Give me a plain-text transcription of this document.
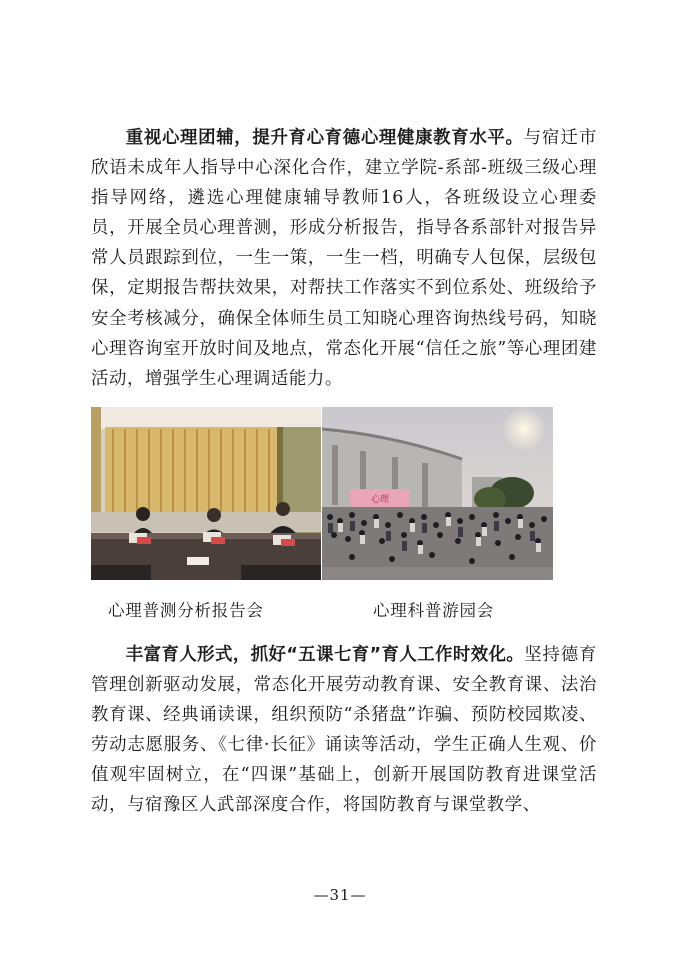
重视心理团辅，提升育心育德心理健康教育水平。与宿迁市欣语未成年人指导中心深化合作，建立学院-系部-班级三级心理指导网络，遴选心理健康辅导教师16人，各班级设立心理委员，开展全员心理普测，形成分析报告，指导各系部针对报告异常人员跟踪到位，一生一策，一生一档，明确专人包保，层级包保，定期报告帮扶效果，对帮扶工作落实不到位系处、班级给予安全考核减分，确保全体师生员工知晓心理咨询热线号码，知晓心理咨询室开放时间及地点，常态化开展“信任之旅”等心理团建活动，增强学生心理调适能力。

心理
心理普测分析报告会	心理科普游园会

丰富育人形式，抓好“五课七育”育人工作时效化。坚持德育管理创新驱动发展，常态化开展劳动教育课、安全教育课、法治教育课、经典诵读课，组织预防“杀猪盘”诈骗、预防校园欺凌、劳动志愿服务、《七律·长征》诵读等活动，学生正确人生观、价值观牢固树立，在“四课”基础上，创新开展国防教育进课堂活动，与宿豫区人武部深度合作，将国防教育与课堂教学、

—31—
